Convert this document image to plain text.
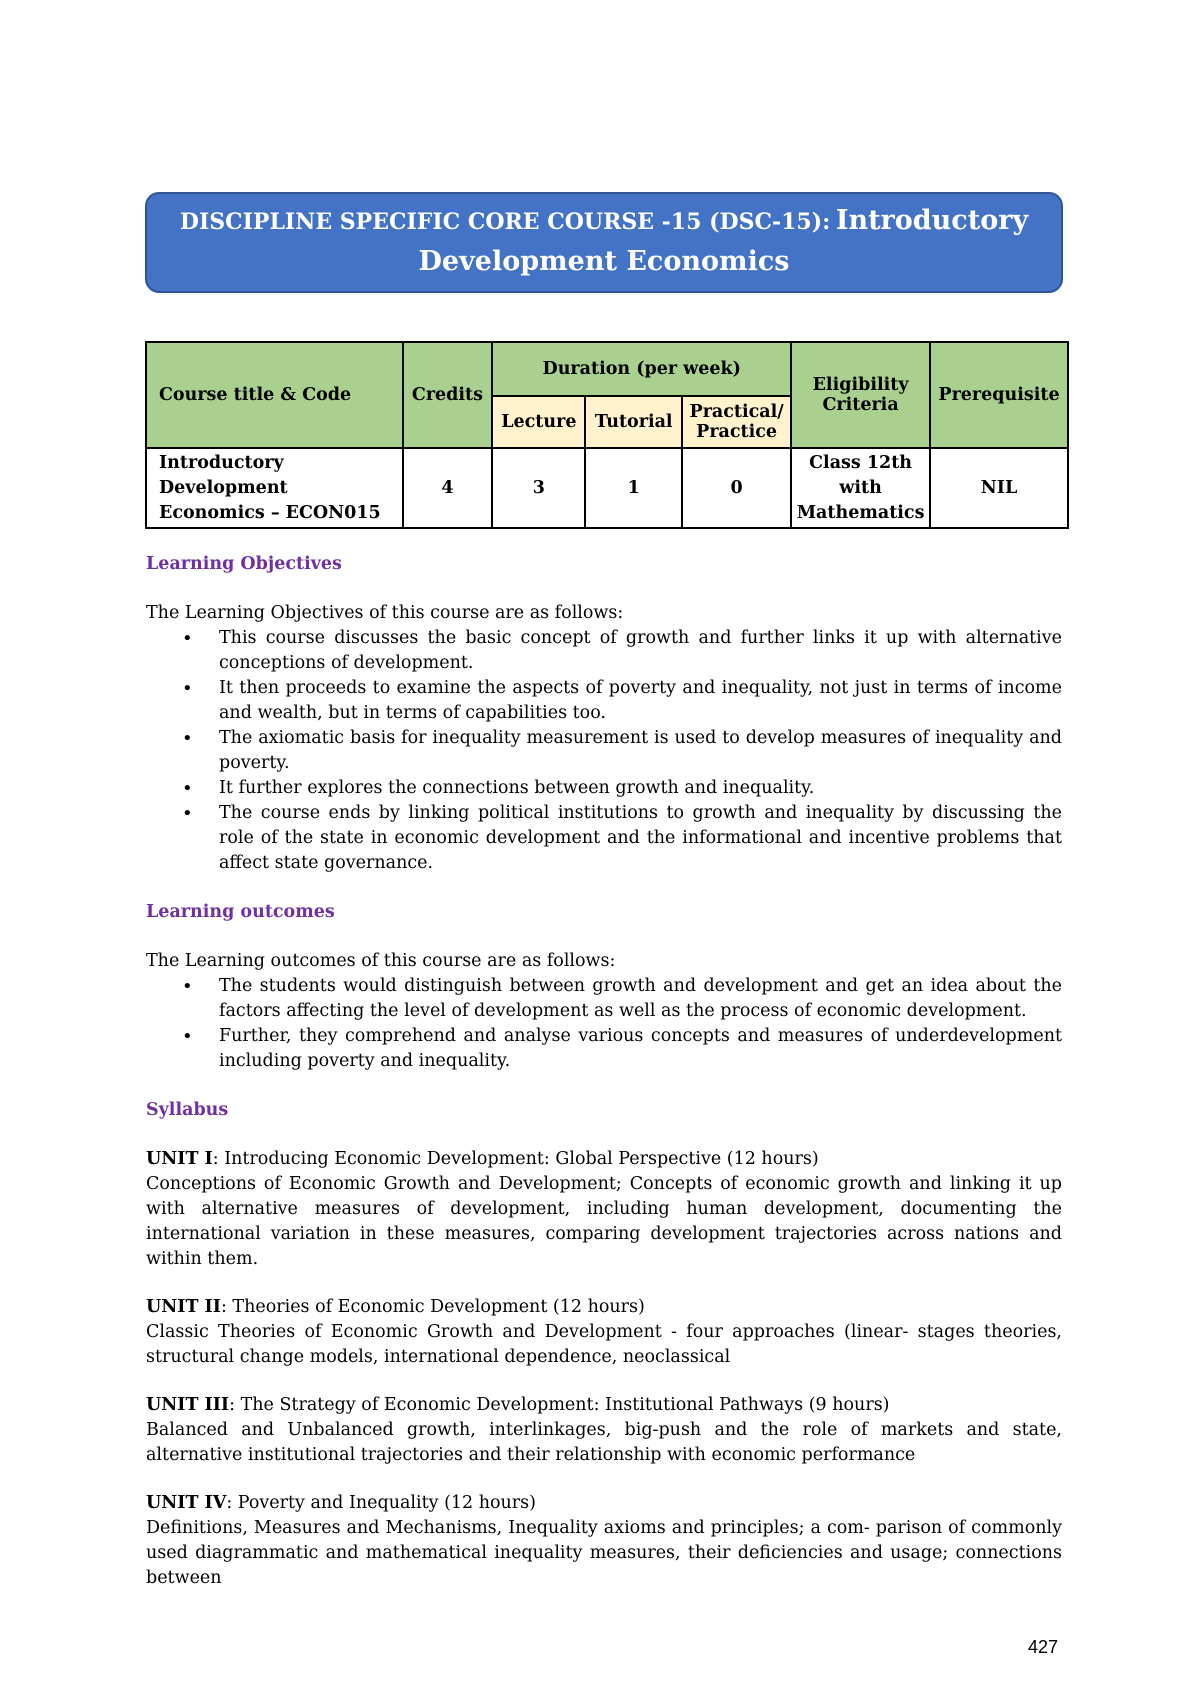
DISCIPLINE SPECIFIC CORE COURSE -15 (DSC-15): Introductory
Development Economics
Course title & Code	Credits	Duration (per week)			Eligibility Criteria	Prerequisite
		Lecture	Tutorial	Practical/ Practice		
Introductory Development Economics – ECON015	4	3	1	0	Class 12th with Mathematics	NIL

Learning Objectives

The Learning Objectives of this course are as follows:

• This course discusses the basic concept of growth and further links it up with alternative conceptions of development.
• It then proceeds to examine the aspects of poverty and inequality, not just in terms of income and wealth, but in terms of capabilities too.
• The axiomatic basis for inequality measurement is used to develop measures of inequality and poverty.
• It further explores the connections between growth and inequality.
• The course ends by linking political institutions to growth and inequality by discussing the role of the state in economic development and the informational and incentive problems that affect state governance.

Learning outcomes

The Learning outcomes of this course are as follows:

• The students would distinguish between growth and development and get an idea about the factors affecting the level of development as well as the process of economic development.
• Further, they comprehend and analyse various concepts and measures of underdevelopment including poverty and inequality.

Syllabus

UNIT I: Introducing Economic Development: Global Perspective (12 hours)

Conceptions of Economic Growth and Development; Concepts of economic growth and linking it up with alternative measures of development, including human development, documenting the international variation in these measures, comparing development trajectories across nations and within them.

UNIT II: Theories of Economic Development (12 hours)

Classic Theories of Economic Growth and Development - four approaches (linear- stages theories, structural change models, international dependence, neoclassical

UNIT III: The Strategy of Economic Development: Institutional Pathways (9 hours)

Balanced and Unbalanced growth, interlinkages, big-push and the role of markets and state, alternative institutional trajectories and their relationship with economic performance

UNIT IV: Poverty and Inequality (12 hours)

Definitions, Measures and Mechanisms, Inequality axioms and principles; a com- parison of commonly used diagrammatic and mathematical inequality measures, their deficiencies and usage; connections between

427
